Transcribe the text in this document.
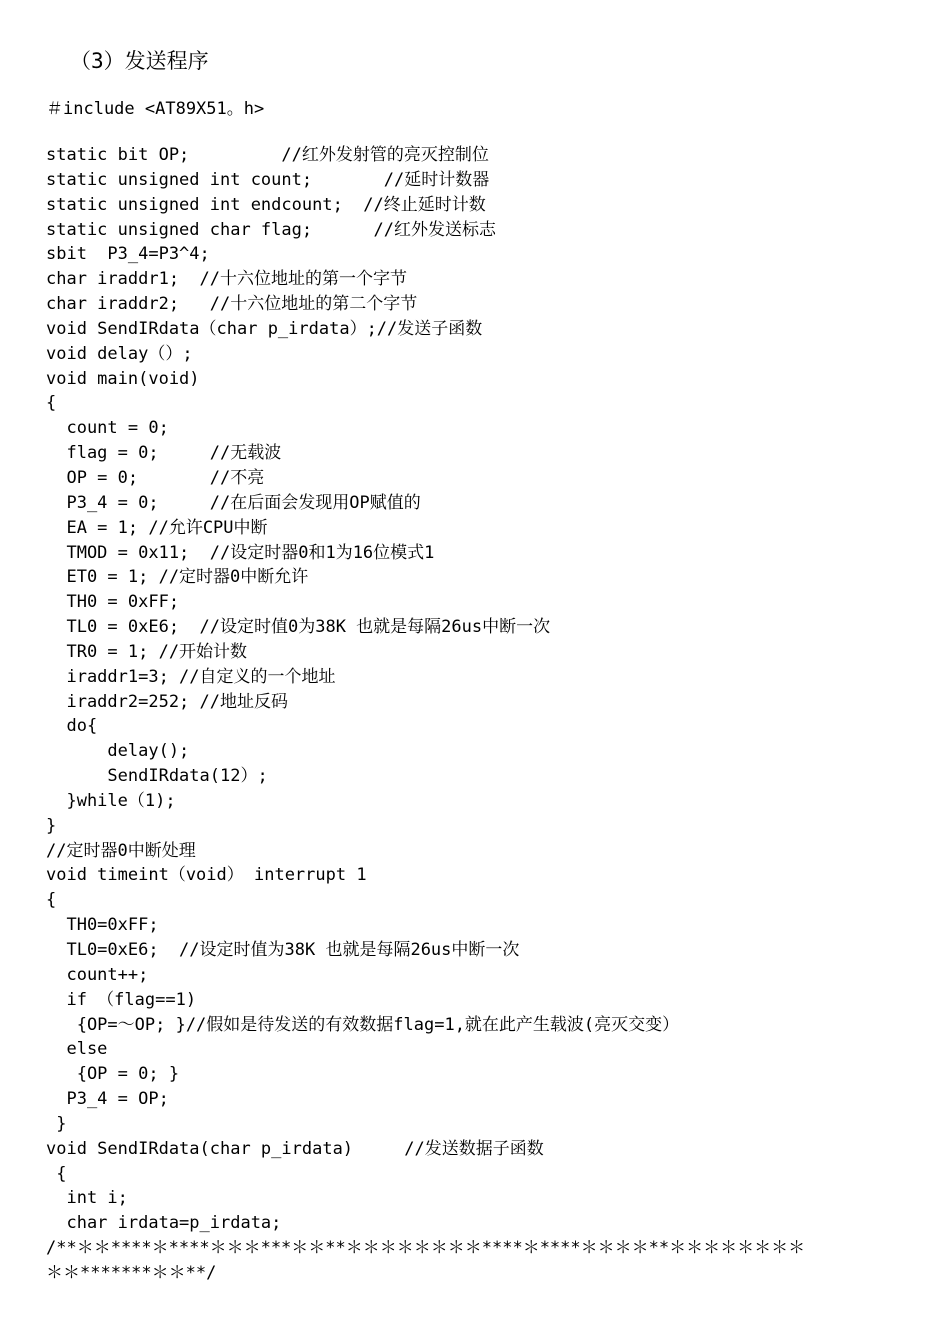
（3）发送程序
＃include <AT89X51。h>
static bit OP;         //红外发射管的亮灭控制位
static unsigned int count;       //延时计数器
static unsigned int endcount;  //终止延时计数
static unsigned char flag;      //红外发送标志
sbit  P3_4=P3^4;
char iraddr1;  //十六位地址的第一个字节
char iraddr2;   //十六位地址的第二个字节
void SendIRdata（char p_irdata）;//发送子函数
void delay（）;
void main(void)
{
count = 0;
flag = 0;     //无载波
OP = 0;       //不亮
P3_4 = 0;     //在后面会发现用OP赋值的
EA = 1; //允许CPU中断
TMOD = 0x11;  //设定时器0和1为16位模式1
ET0 = 1; //定时器0中断允许
TH0 = 0xFF;
TL0 = 0xE6;  //设定时值0为38K 也就是每隔26us中断一次
TR0 = 1; //开始计数
iraddr1=3; //自定义的一个地址
iraddr2=252; //地址反码
do{
delay();
SendIRdata(12）;
}while（1);
}
//定时器0中断处理
void timeint（void） interrupt 1
{
TH0=0xFF;
TL0=0xE6;  //设定时值为38K 也就是每隔26us中断一次
count++;
if （flag==1)
{OP=～OP; }//假如是待发送的有效数据flag=1,就在此产生载波(亮灭交变）
else
{OP = 0; }
P3_4 = OP;
}
void SendIRdata(char p_irdata)     //发送数据子函数
{
int i;
char irdata=p_irdata;
/**＊＊****＊****＊＊＊***＊＊**＊＊＊＊＊＊＊＊****＊****＊＊＊＊**＊＊＊＊＊＊＊＊
＊＊*******＊＊**/
